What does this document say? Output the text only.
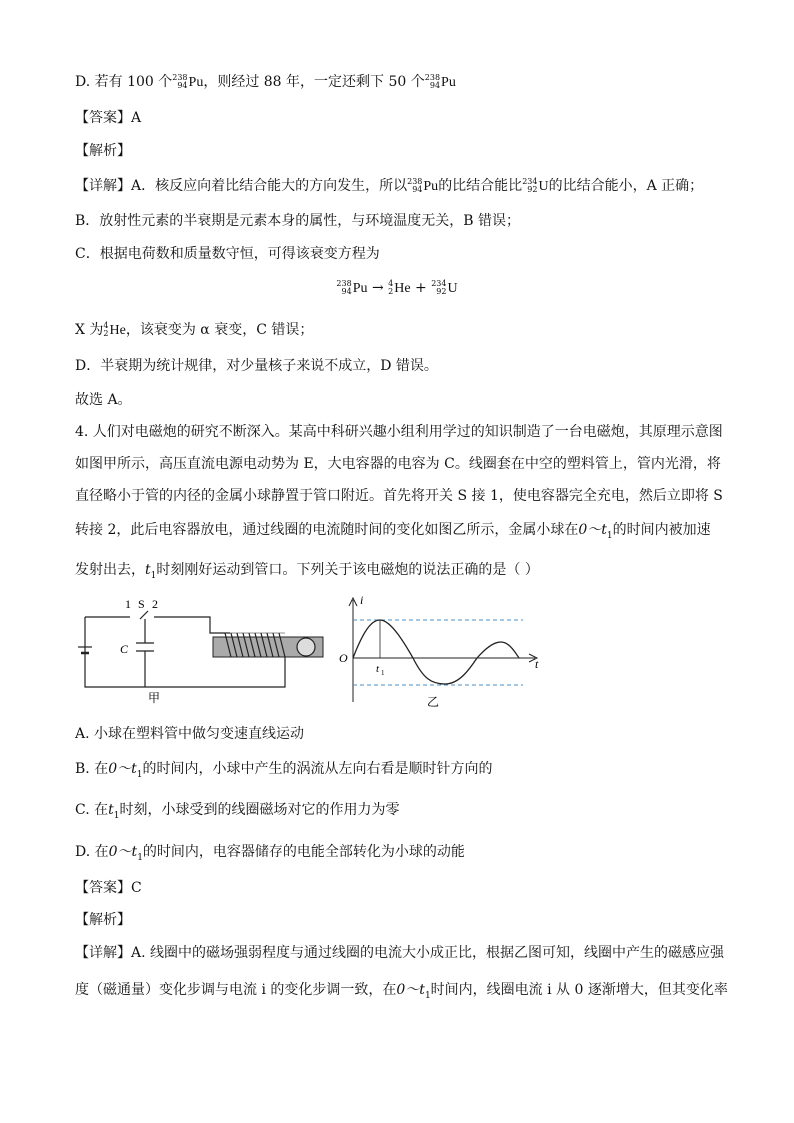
D. 若有 100 个 238
94 Pu，则经过 88 年，一定还剩下 50 个 238
94 Pu
【答案】A
【解析】
【详解】A．核反应向着比结合能大的方向发生，所以 238
94 Pu的比结合能比 234
92 U的比结合能小，A 正确；
B．放射性元素的半衰期是元素本身的属性，与环境温度无关，B 错误；
C．根据电荷数和质量数守恒，可得该衰变方程为
238
94 Pu → 4
2 He + 234
92 U
X 为 4
2 He，该衰变为 α 衰变，C 错误；
D．半衰期为统计规律，对少量核子来说不成立，D 错误。
故选 A。
4. 人们对电磁炮的研究不断深入。某高中科研兴趣小组利用学过的知识制造了一台电磁炮，其原理示意图
如图甲所示，高压直流电源电动势为 E，大电容器的电容为 C。线圈套在中空的塑料管上，管内光滑，将
直径略小于管的内径的金属小球静置于管口附近。首先将开关 S 接 1，使电容器完全充电，然后立即将 S
转接 2，此后电容器放电，通过线圈的电流随时间的变化如图乙所示，金属小球在$0\sim t_1$的时间内被加速
发射出去，$t_1$时刻刚好运动到管口。下列关于该电磁炮的说法正确的是（ ）
1 S 2
C
甲
i
O
t 1
t
乙
A. 小球在塑料管中做匀变速直线运动
B. 在$0\sim t_1$的时间内，小球中产生的涡流从左向右看是顺时针方向的
C. 在$t_1$时刻，小球受到的线圈磁场对它的作用力为零
D. 在$0\sim t_1$的时间内，电容器储存的电能全部转化为小球的动能
【答案】C
【解析】
【详解】A. 线圈中的磁场强弱程度与通过线圈的电流大小成正比，根据乙图可知，线圈中产生的磁感应强
度（磁通量）变化步调与电流 i 的变化步调一致，在$0\sim t_1$时间内，线圈电流 i 从 0 逐渐增大，但其变化率
